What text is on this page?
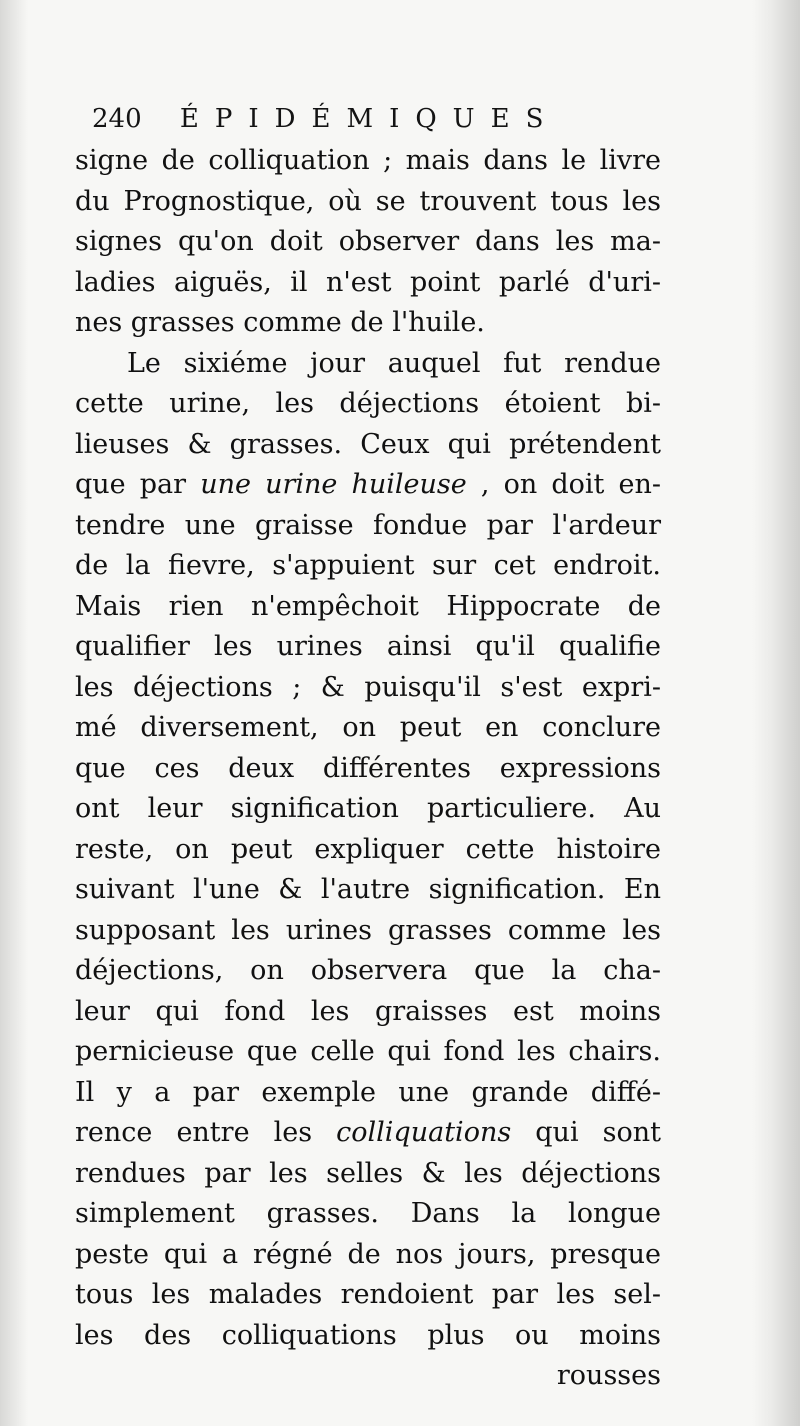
240 ÉPIDÉMIQUES
signe de colliquation ; mais dans le livre
du Prognostique, où se trouvent tous les
signes qu'on doit observer dans les ma-
ladies aiguës, il n'est point parlé d'uri-
nes grasses comme de l'huile.
Le sixiéme jour auquel fut rendue
cette urine, les déjections étoient bi-
lieuses & grasses. Ceux qui prétendent
que par une urine huileuse , on doit en-
tendre une graisse fondue par l'ardeur
de la fievre, s'appuient sur cet endroit.
Mais rien n'empêchoit Hippocrate de
qualifier les urines ainsi qu'il qualifie
les déjections ; & puisqu'il s'est expri-
mé diversement, on peut en conclure
que ces deux différentes expressions
ont leur signification particuliere. Au
reste, on peut expliquer cette histoire
suivant l'une & l'autre signification. En
supposant les urines grasses comme les
déjections, on observera que la cha-
leur qui fond les graisses est moins
pernicieuse que celle qui fond les chairs.
Il y a par exemple une grande diffé-
rence entre les colliquations qui sont
rendues par les selles & les déjections
simplement grasses. Dans la longue
peste qui a régné de nos jours, presque
tous les malades rendoient par les sel-
les des colliquations plus ou moins
rousses
